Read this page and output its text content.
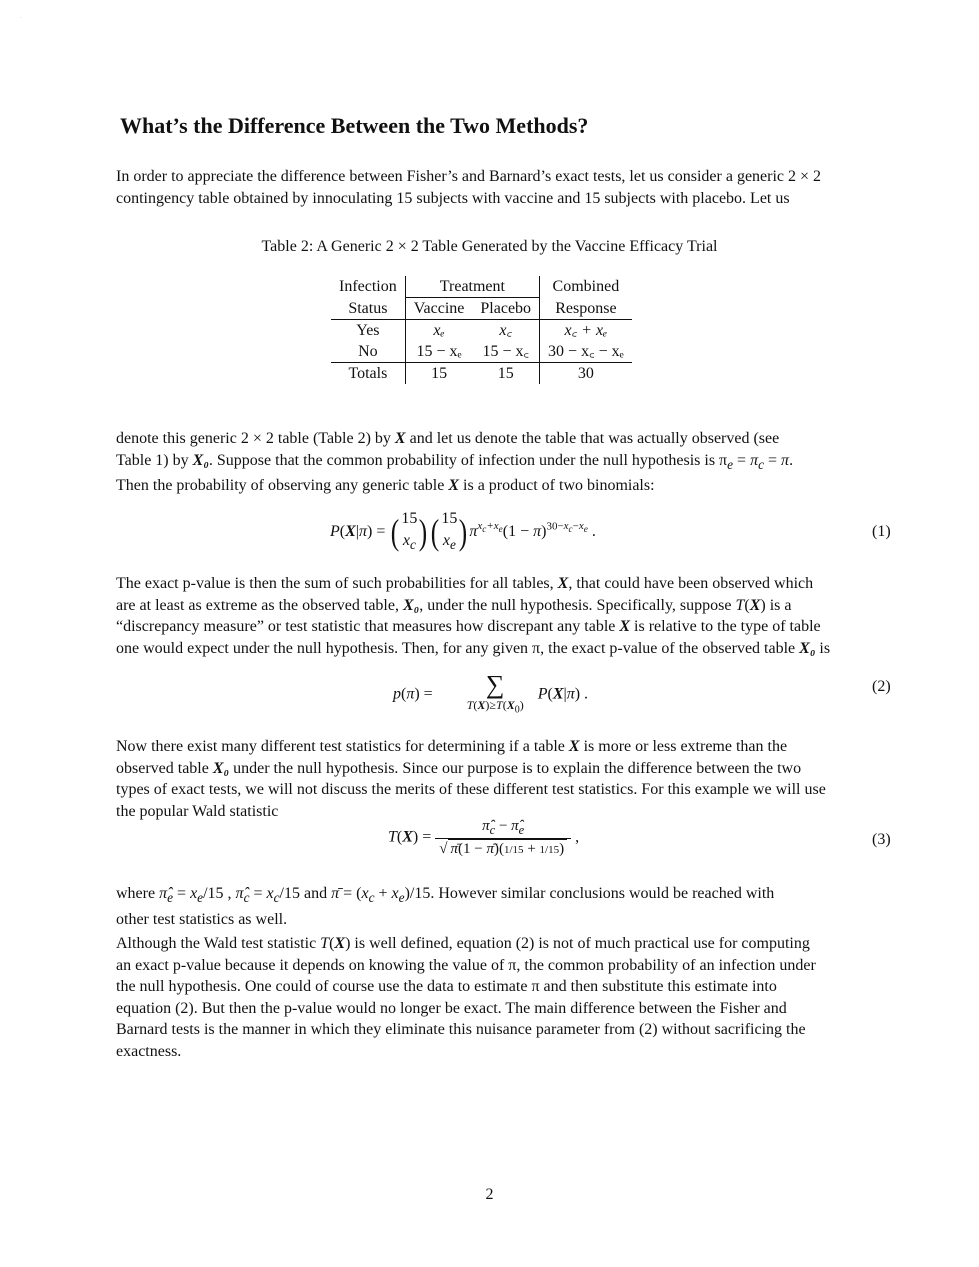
.
What’s the Difference Between the Two Methods?

In order to appreciate the difference between Fisher’s and Barnard’s exact tests, let us consider a generic 2 × 2
contingency table obtained by innoculating 15 subjects with vaccine and 15 subjects with placebo. Let us

Table 2: A Generic 2 × 2 Table Generated by the Vaccine Efficacy Trial
Infection	Treatment		Combined
Status	Vaccine	Placebo	Response
Yes	xₑ	x꜀	x꜀ + xₑ
No	15 − xₑ	15 − x꜀	30 − x꜀ − xₑ
Totals	15	15	30

denote this generic 2 × 2 table (Table 2) by X and let us denote the table that was actually observed (see
Table 1) by X₀. Suppose that the common probability of infection under the null hypothesis is $\pi_e = \pi_c = \pi$.
Then the probability of observing any generic table X is a product of two binomials:

P(X|π) = ( 15
$x_c$ )( 15
$x_e$ ) $\pi^{x_c+x_e}(1 - \pi)^{30-x_c-x_e}$ .	(1)

The exact p-value is then the sum of such probabilities for all tables, X, that could have been observed which
are at least as extreme as the observed table, X₀, under the null hypothesis. Specifically, suppose T(X) is a
“discrepancy measure” or test statistic that measures how discrepant any table X is relative to the type of table
one would expect under the null hypothesis. Then, for any given π, the exact p-value of the observed table X₀ is

p(π) =	∑
$T(X)\ge T(X_0)$
P(X|π) .	(2)

Now there exist many different test statistics for determining if a table X is more or less extreme than the
observed table X₀ under the null hypothesis. Since our purpose is to explain the difference between the two
types of exact tests, we will not discuss the merits of these different test statistics. For this example we will use
the popular Wald statistic

$T(X) = \frac{\pî_c - \pî_e}{√ \pī(1 - \pī)(1/15 + 1/15)}$ ,	(3)

where $\pî_e = x_e/15$ , $\pî_c = x_c/15$ and π̄ = $(x_c + x_e)/15$. However similar conclusions would be reached with
other test statistics as well.

Although the Wald test statistic T(X) is well defined, equation (2) is not of much practical use for computing
an exact p-value because it depends on knowing the value of π, the common probability of an infection under
the null hypothesis. One could of course use the data to estimate π and then substitute this estimate into
equation (2). But then the p-value would no longer be exact. The main difference between the Fisher and
Barnard tests is the manner in which they eliminate this nuisance parameter from (2) without sacrificing the
exactness.

2
